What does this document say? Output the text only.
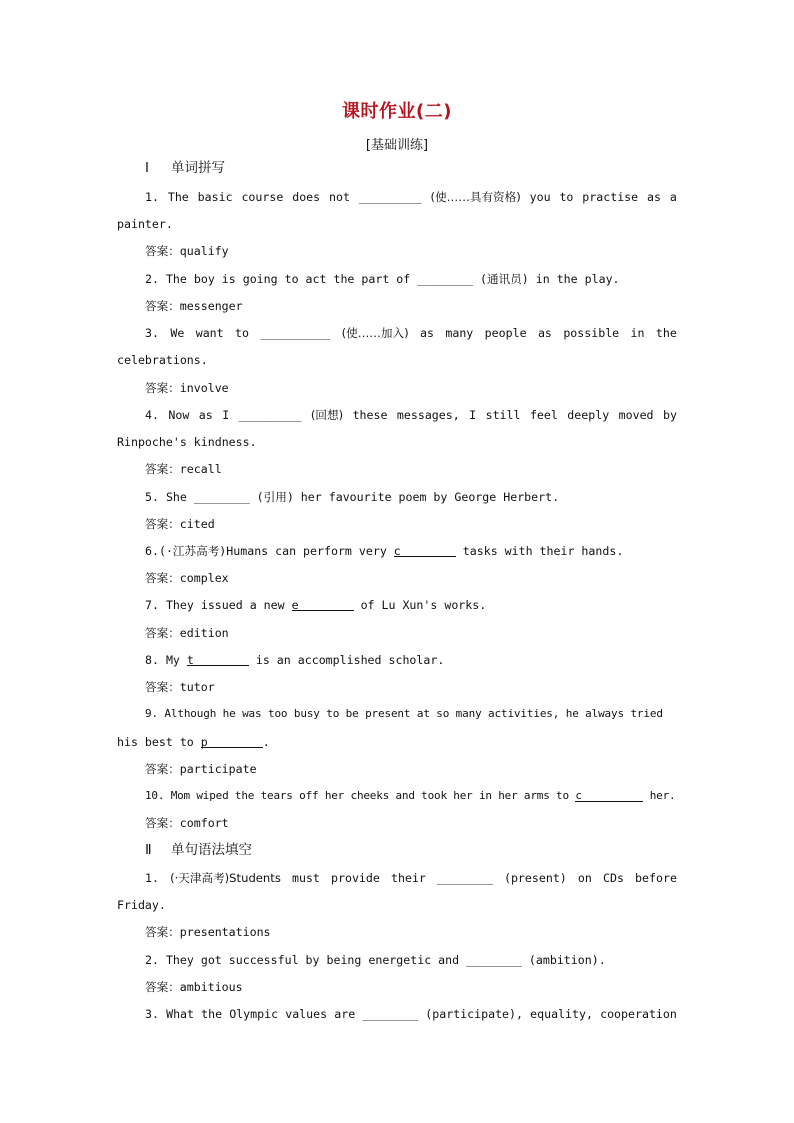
课时作业(二)
[基础训练]
Ⅰ 单词拼写
1. The basic course does not _________ (使……具有资格) you to practise as a
painter.
答案：qualify
2. The boy is going to act the part of ________ (通讯员) in the play.
答案：messenger
3. We want to __________ (使……加入) as many people as possible in the
celebrations.
答案：involve
4. Now as I _________ (回想) these messages, I still feel deeply moved by
Rinpoche's kindness.
答案：recall
5. She ________ (引用) her favourite poem by George Herbert.
答案：cited
6.(·江苏高考)Humans can perform very c	tasks with their hands.
答案：complex
7. They issued a new e	of Lu Xun's works.
答案：edition
8. My t	is an accomplished scholar.
答案：tutor
9. Although he was too busy to be present at so many activities, he always tried
his best to p	.
答案：participate
10. Mom wiped the tears off her cheeks and took her in her arms to c	her.
答案：comfort
Ⅱ 单句语法填空
1. (·天津高考)Students must provide their ________ (present) on CDs before
Friday.
答案：presentations
2. They got successful by being energetic and ________ (ambition).
答案：ambitious
3. What the Olympic values are ________ (participate), equality, cooperation
